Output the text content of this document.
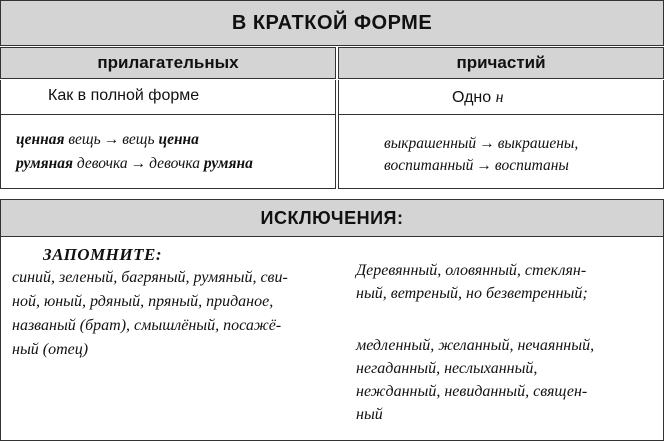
В КРАТКОЙ ФОРМЕ
прилагательных	причастий
Как в полной форме	Одно н
ценная вещь → вещь ценна
румяная девочка → девочка румяна
выкрашенный → выкрашены,
воспитанный → воспитаны
ИСКЛЮЧЕНИЯ:
ЗАПОМНИТЕ:
синий, зеленый, багряный, румяный, сви-
ной, юный, рдяный, пряный, приданое,
названый (брат), смышлёный, посажё-
ный (отец)
Деревянный, оловянный, стеклян-
ный, ветреный, но безветренный;
медленный, желанный, нечаянный,
негаданный, неслыханный,
нежданный, невиданный, священ-
ный
